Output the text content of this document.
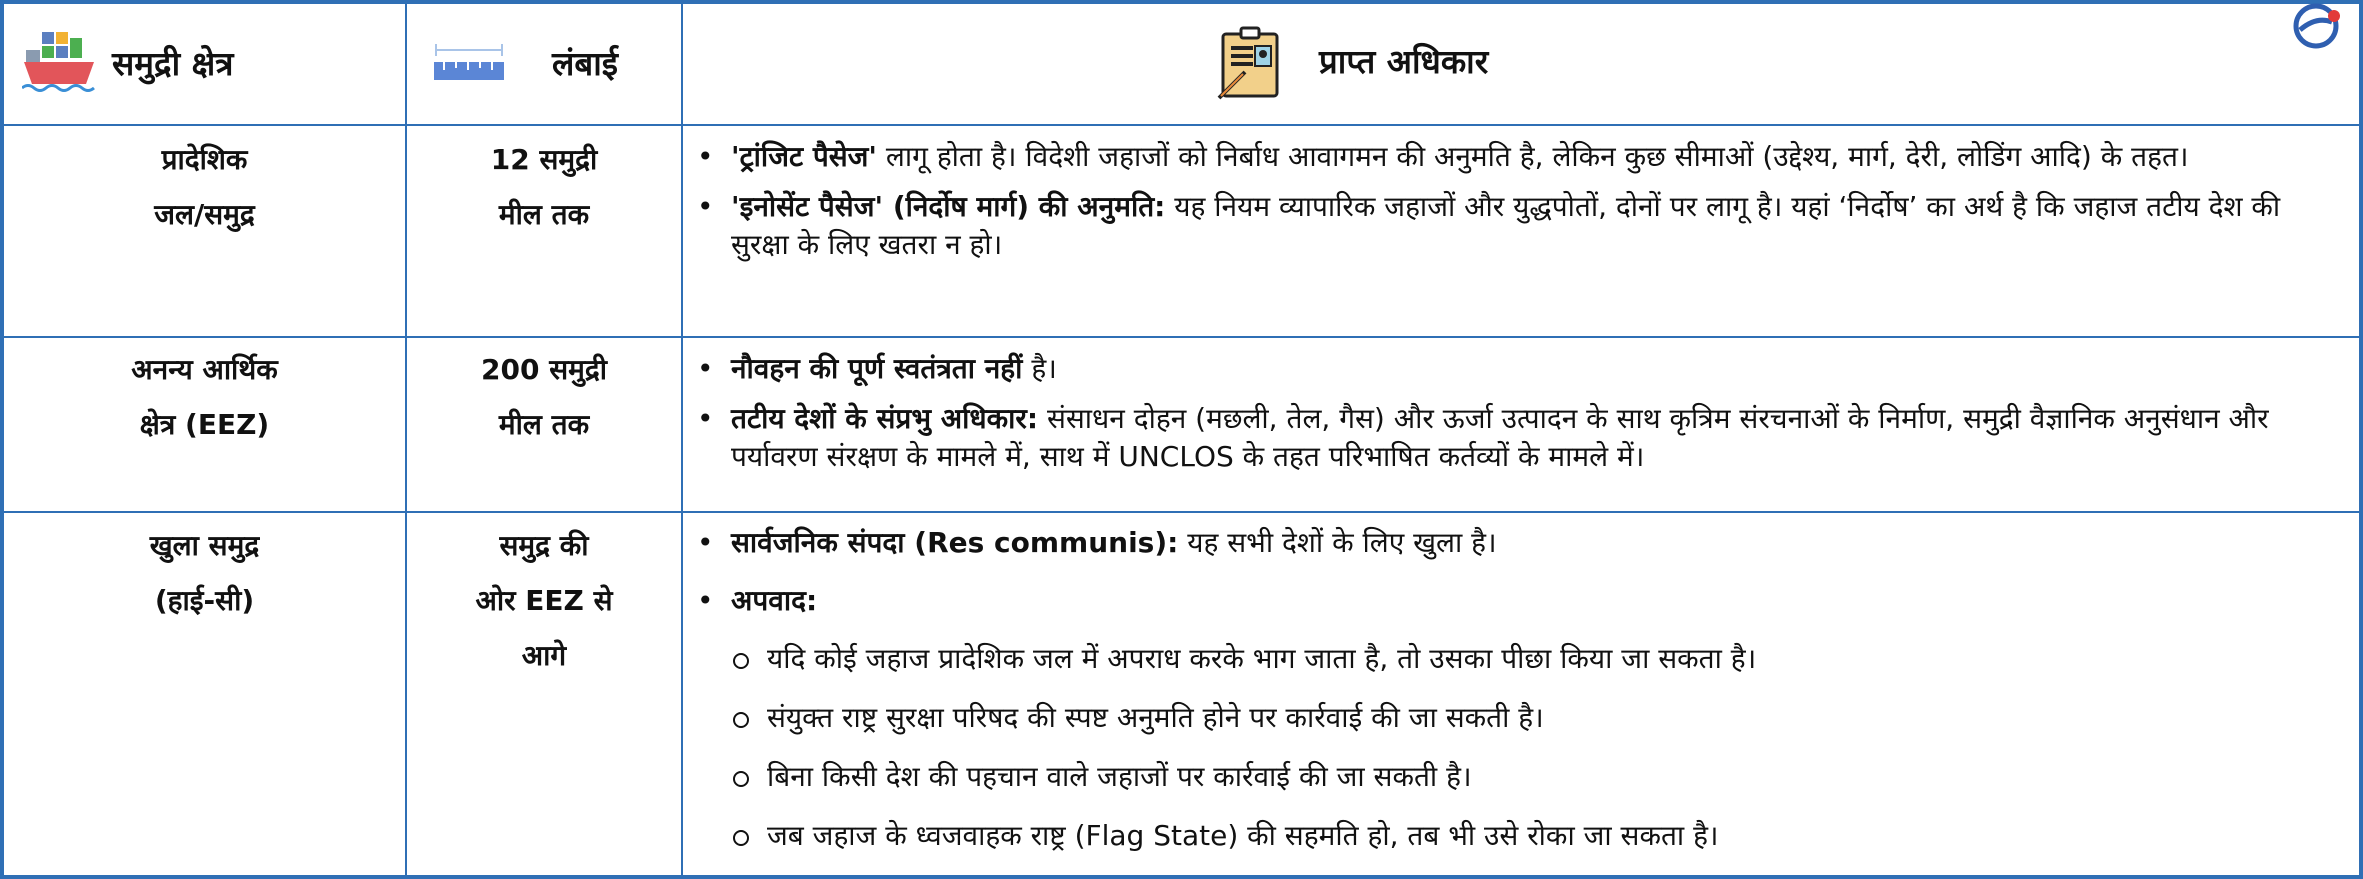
समुद्री क्षेत्र	लंबाई	प्राप्त अधिकार
प्रादेशिक
जल/समुद्र
12 समुद्री
मील तक
• 'ट्रांजिट पैसेज' लागू होता है। विदेशी जहाजों को निर्बाध आवागमन की अनुमति है, लेकिन कुछ सीमाओं (उद्देश्य, मार्ग, देरी, लोडिंग आदि) के तहत।
• 'इनोसेंट पैसेज' (निर्दोष मार्ग) की अनुमति: यह नियम व्यापारिक जहाजों और युद्धपोतों, दोनों पर लागू है। यहां ‘निर्दोष’ का अर्थ है कि जहाज तटीय देश की सुरक्षा के लिए खतरा न हो।
अनन्य आर्थिक
क्षेत्र (EEZ)
200 समुद्री
मील तक
• नौवहन की पूर्ण स्वतंत्रता नहीं है।
• तटीय देशों के संप्रभु अधिकार: संसाधन दोहन (मछली, तेल, गैस) और ऊर्जा उत्पादन के साथ कृत्रिम संरचनाओं के निर्माण, समुद्री वैज्ञानिक अनुसंधान और पर्यावरण संरक्षण के मामले में, साथ में UNCLOS के तहत परिभाषित कर्तव्यों के मामले में।
खुला समुद्र
(हाई-सी)
समुद्र की
ओर EEZ से
आगे
• सार्वजनिक संपदा (Res communis): यह सभी देशों के लिए खुला है।
• अपवाद:
यदि कोई जहाज प्रादेशिक जल में अपराध करके भाग जाता है, तो उसका पीछा किया जा सकता है।
संयुक्त राष्ट्र सुरक्षा परिषद की स्पष्ट अनुमति होने पर कार्रवाई की जा सकती है।
बिना किसी देश की पहचान वाले जहाजों पर कार्रवाई की जा सकती है।
जब जहाज के ध्वजवाहक राष्ट्र (Flag State) की सहमति हो, तब भी उसे रोका जा सकता है।
